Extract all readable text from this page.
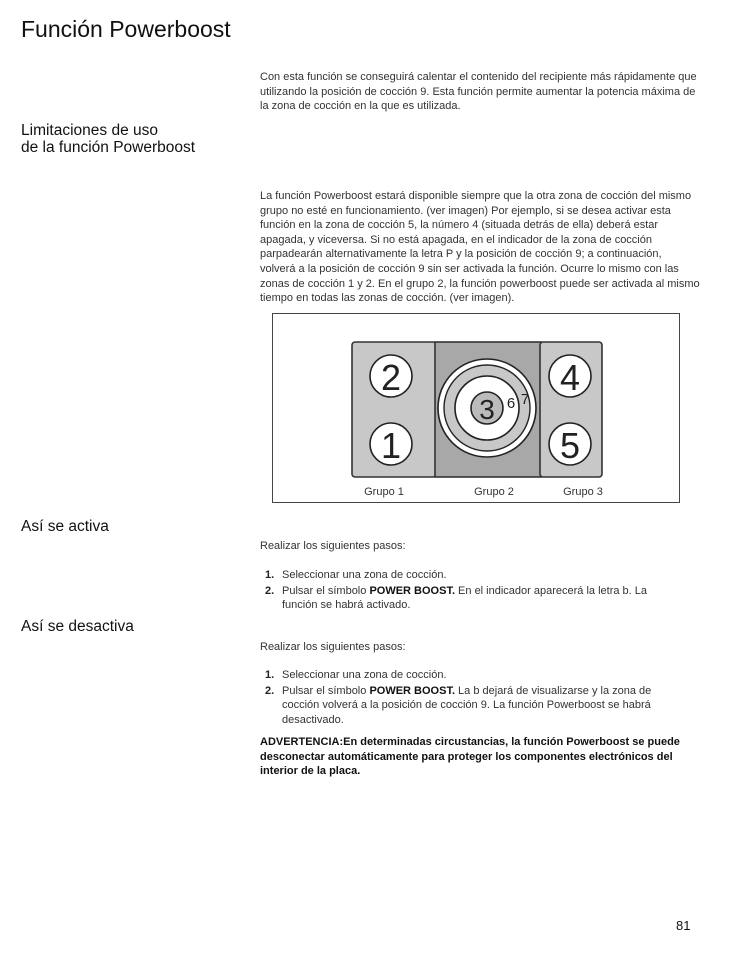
Función Powerboost

Con esta función se conseguirá calentar el contenido del recipiente más rápidamente que utilizando la posición de cocción 9. Esta función permite aumentar la potencia máxima de la zona de cocción en la que es utilizada.

Limitaciones de uso
de la función Powerboost

La función Powerboost estará disponible siempre que la otra zona de cocción del mismo grupo no esté en funcionamiento. (ver imagen) Por ejemplo, si se desea activar esta función en la zona de cocción 5, la número 4 (situada detrás de ella) deberá estar apagada, y viceversa. Si no está apagada, en el indicador de la zona de cocción parpadearán alternativamente la letra P y la posición de cocción 9; a continuación, volverá a la posición de cocción 9 sin ser activada la función. Ocurre lo mismo con las zonas de cocción 1 y 2. En el grupo 2, la función powerboost puede ser activada al mismo tiempo en todas las zonas de cocción. (ver imagen).

2
1
3 6 7
4
5
Grupo 1	Grupo 2	Grupo 3
Así se activa

Realizar los siguientes pasos:

1. Seleccionar una zona de cocción.
2. Pulsar el símbolo POWER BOOST. En el indicador aparecerá la letra b. La función se habrá activado.
Así se desactiva

Realizar los siguientes pasos:

1. Seleccionar una zona de cocción.
2. Pulsar el símbolo POWER BOOST. La b dejará de visualizarse y la zona de cocción volverá a la posición de cocción 9. La función Powerboost se habrá desactivado.

ADVERTENCIA:En determinadas circustancias, la función Powerboost se puede desconectar automáticamente para proteger los componentes electrónicos del interior de la placa.

81
